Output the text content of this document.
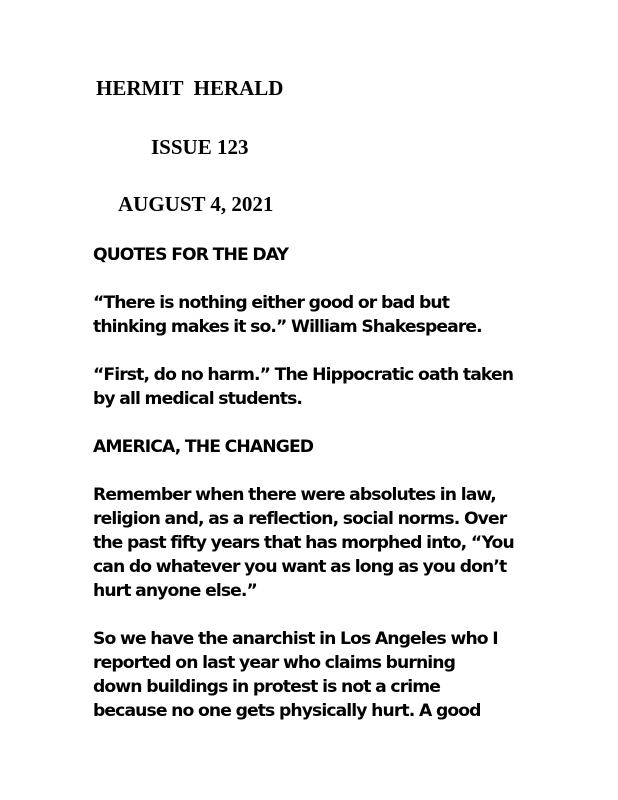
HERMIT  HERALD
ISSUE 123
AUGUST 4, 2021

QUOTES FOR THE DAY

“There is nothing either good or bad but
thinking makes it so.” William Shakespeare.

“First, do no harm.” The Hippocratic oath taken
by all medical students.

AMERICA, THE CHANGED

Remember when there were absolutes in law,
religion and, as a reflection, social norms. Over
the past fifty years that has morphed into, “You
can do whatever you want as long as you don’t
hurt anyone else.”

So we have the anarchist in Los Angeles who I
reported on last year who claims burning
down buildings in protest is not a crime
because no one gets physically hurt. A good
